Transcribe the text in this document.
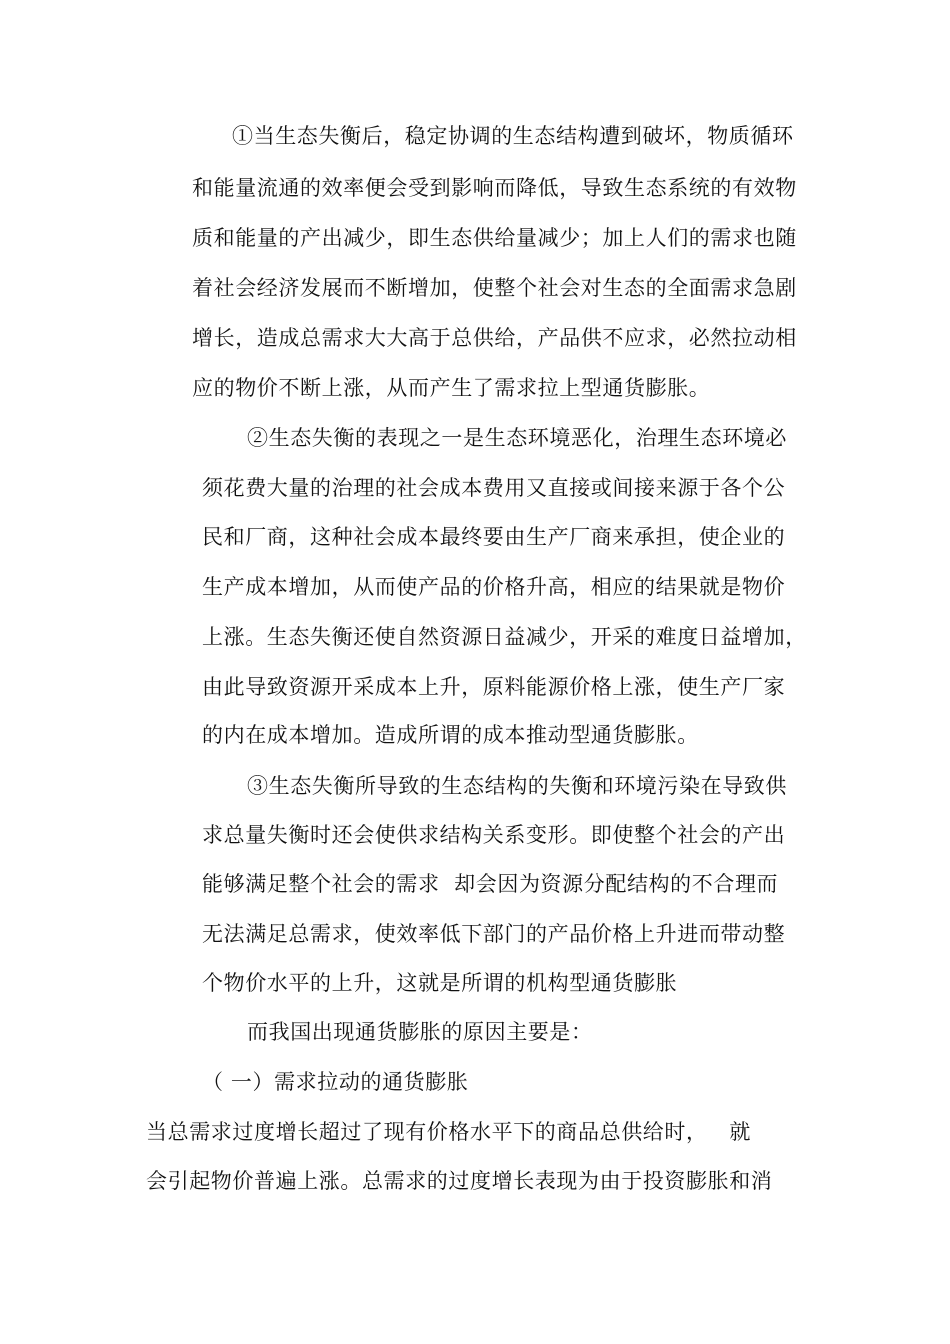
①当生态失衡后，稳定协调的生态结构遭到破坏，物质循环
和能量流通的效率便会受到影响而降低，导致生态系统的有效物
质和能量的产出减少，即生态供给量减少；加上人们的需求也随
着社会经济发展而不断增加，使整个社会对生态的全面需求急剧
增长，造成总需求大大高于总供给，产品供不应求，必然拉动相
应的物价不断上涨，从而产生了需求拉上型通货膨胀。
②生态失衡的表现之一是生态环境恶化，治理生态环境必
须花费大量的治理的社会成本费用又直接或间接来源于各个公
民和厂商，这种社会成本最终要由生产厂商来承担，使企业的
生产成本增加，从而使产品的价格升高，相应的结果就是物价
上涨。生态失衡还使自然资源日益减少，开采的难度日益增加，
由此导致资源开采成本上升，原料能源价格上涨，使生产厂家
的内在成本增加。造成所谓的成本推动型通货膨胀。
③生态失衡所导致的生态结构的失衡和环境污染在导致供
求总量失衡时还会使供求结构关系变形。即使整个社会的产出
能够满足整个社会的需求  却会因为资源分配结构的不合理而
无法满足总需求，使效率低下部门的产品价格上升进而带动整
个物价水平的上升，这就是所谓的机构型通货膨胀
而我国出现通货膨胀的原因主要是：
（ 一）需求拉动的通货膨胀
当总需求过度增长超过了现有价格水平下的商品总供给时，   就
会引起物价普遍上涨。总需求的过度增长表现为由于投资膨胀和消
